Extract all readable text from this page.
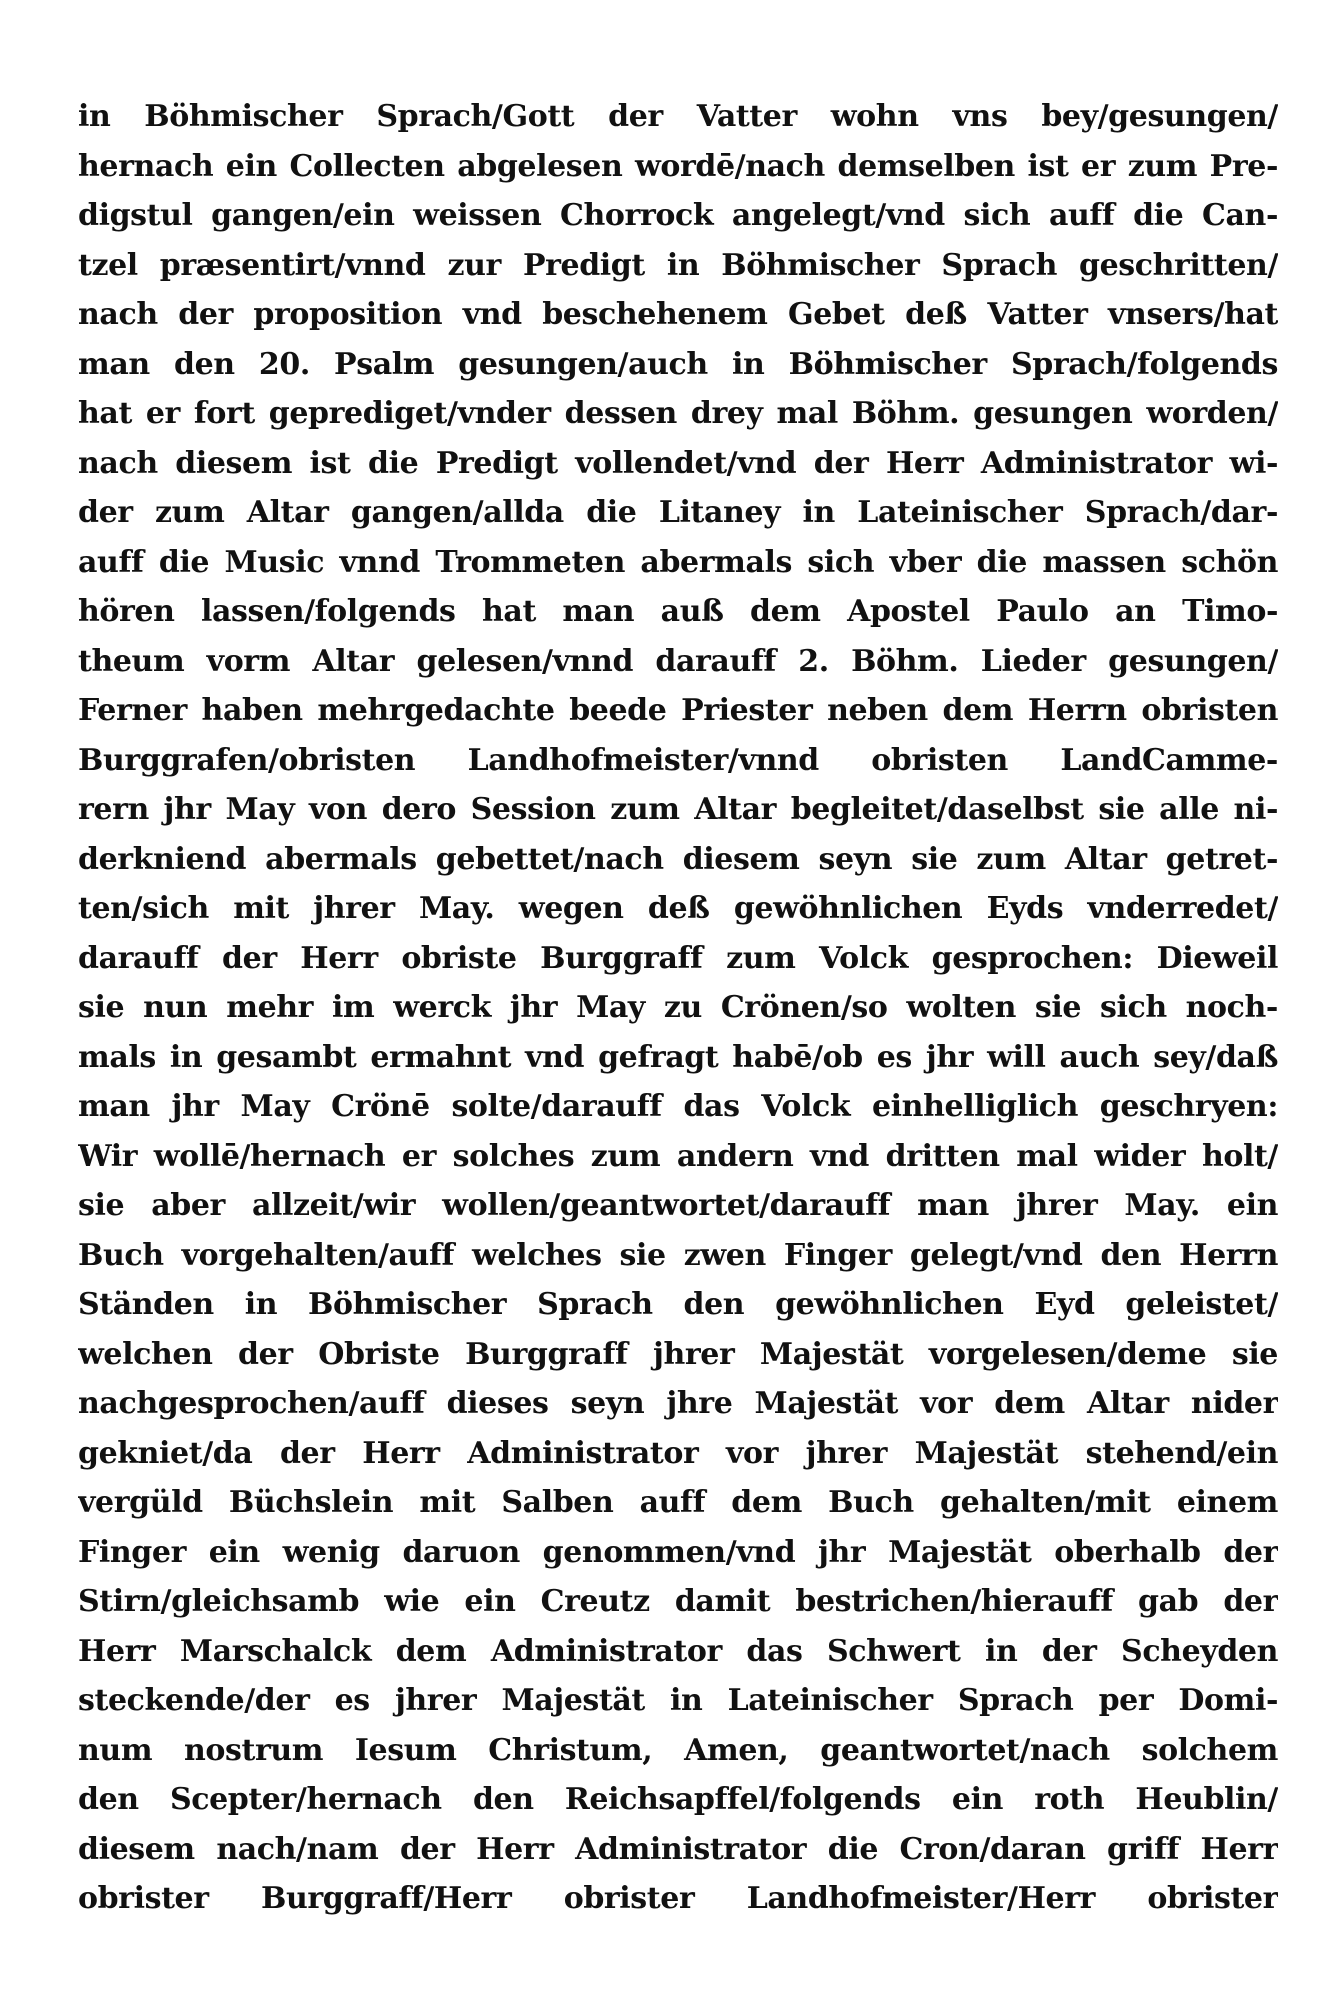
in Böhmischer Sprach/Gott der Vatter wohn vns bey/gesungen/
hernach ein Collecten abgelesen wordē/nach demselben ist er zum Pre-
digstul gangen/ein weissen Chorrock angelegt/vnd sich auff die Can-
tzel præsentirt/vnnd zur Predigt in Böhmischer Sprach geschritten/
nach der proposition vnd beschehenem Gebet deß Vatter vnsers/hat
man den 20. Psalm gesungen/auch in Böhmischer Sprach/folgends
hat er fort geprediget/vnder dessen drey mal Böhm. gesungen worden/
nach diesem ist die Predigt vollendet/vnd der Herr Administrator wi-
der zum Altar gangen/allda die Litaney in Lateinischer Sprach/dar-
auff die Music vnnd Trommeten abermals sich vber die massen schön
hören lassen/folgends hat man auß dem Apostel Paulo an Timo-
theum vorm Altar gelesen/vnnd darauff 2. Böhm. Lieder gesungen/
Ferner haben mehrgedachte beede Priester neben dem Herrn obristen
Burggrafen/obristen Landhofmeister/vnnd obristen LandCamme-
rern jhr May von dero Session zum Altar begleitet/daselbst sie alle ni-
derkniend abermals gebettet/nach diesem seyn sie zum Altar getret-
ten/sich mit jhrer May. wegen deß gewöhnlichen Eyds vnderredet/
darauff der Herr obriste Burggraff zum Volck gesprochen: Dieweil
sie nun mehr im werck jhr May zu Crönen/so wolten sie sich noch-
mals in gesambt ermahnt vnd gefragt habē/ob es jhr will auch sey/daß
man jhr May Crönē solte/darauff das Volck einhelliglich geschryen:
Wir wollē/hernach er solches zum andern vnd dritten mal wider holt/
sie aber allzeit/wir wollen/geantwortet/darauff man jhrer May. ein
Buch vorgehalten/auff welches sie zwen Finger gelegt/vnd den Herrn
Ständen in Böhmischer Sprach den gewöhnlichen Eyd geleistet/
welchen der Obriste Burggraff jhrer Majestät vorgelesen/deme sie
nachgesprochen/auff dieses seyn jhre Majestät vor dem Altar nider
gekniet/da der Herr Administrator vor jhrer Majestät stehend/ein
vergüld Büchslein mit Salben auff dem Buch gehalten/mit einem
Finger ein wenig daruon genommen/vnd jhr Majestät oberhalb der
Stirn/gleichsamb wie ein Creutz damit bestrichen/hierauff gab der
Herr Marschalck dem Administrator das Schwert in der Scheyden
steckende/der es jhrer Majestät in Lateinischer Sprach per Domi-
num nostrum Iesum Christum, Amen, geantwortet/nach solchem
den Scepter/hernach den Reichsapffel/folgends ein roth Heublin/
diesem nach/nam der Herr Administrator die Cron/daran griff Herr
obrister Burggraff/Herr obrister Landhofmeister/Herr obrister
